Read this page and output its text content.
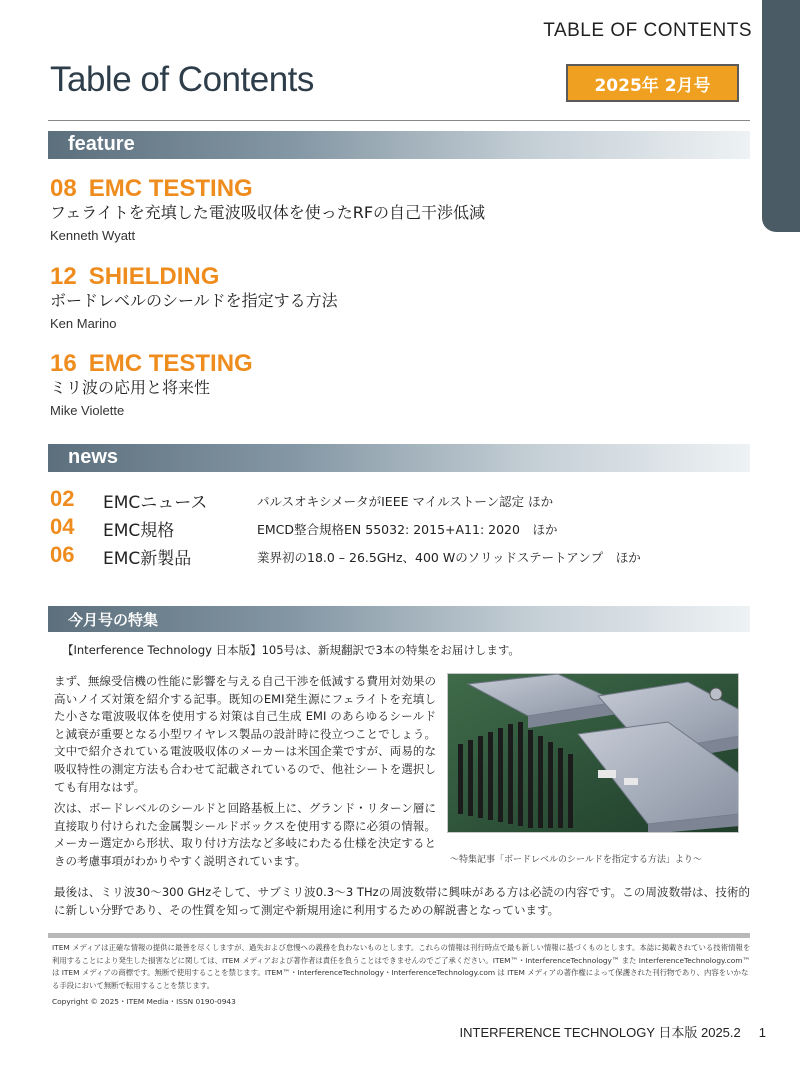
TABLE OF CONTENTS
Table of Contents	2025年 2月号
feature
08 EMC TESTING
フェライトを充填した電波吸収体を使ったRFの自己干渉低減
Kenneth Wyatt
12 SHIELDING
ボードレベルのシールドを指定する方法
Ken Marino
16 EMC TESTING
ミリ波の応用と将来性
Mike Violette
news
02 EMCニュース	パルスオキシメータがIEEE マイルストーン認定 ほか
04 EMC規格	EMCD整合規格EN 55032: 2015+A11: 2020　ほか
06 EMC新製品	業界初の18.0 – 26.5GHz、400 Wのソリッドステートアンプ　ほか
今月号の特集
【Interference Technology 日本版】105号は、新規翻訳で3本の特集をお届けします。
まず、無線受信機の性能に影響を与える自己干渉を低減する費用対効果の高いノイズ対策を紹介する記事。既知のEMI発生源にフェライトを充填した小さな電波吸収体を使用する対策は自己生成 EMI のあらゆるシールドと減衰が重要となる小型ワイヤレス製品の設計時に役立つことでしょう。文中で紹介されている電波吸収体のメーカーは米国企業ですが、両易的な吸収特性の測定方法も合わせて記載されているので、他社シートを選択しても有用なはず。
次は、ボードレベルのシールドと回路基板上に、グランド・リターン層に直接取り付けられた金属製シールドボックスを使用する際に必須の情報。メーカー選定から形状、取り付け方法など多岐にわたる仕様を決定するときの考慮事項がわかりやすく説明されています。	～特集記事「ボードレベルのシールドを指定する方法」より～
最後は、ミリ波30～300 GHzそして、サブミリ波0.3～3 THzの周波数帯に興味がある方は必読の内容です。この周波数帯は、技術的に新しい分野であり、その性質を知って測定や新規用途に利用するための解説書となっています。
ITEM メディアは正確な情報の提供に最善を尽くしますが、過失および怠慢への義務を負わないものとします。これらの情報は刊行時点で最も新しい情報に基づくものとします。本誌に掲載されている技術情報を利用することにより発生した損害などに関しては、ITEM メディアおよび著作者は責任を負うことはできませんのでご了承ください。ITEM™・InterferenceTechnology™ また InterferenceTechnology.com™ は ITEM メディアの商標です。無断で使用することを禁じます。ITEM™・InterferenceTechnology・InterferenceTechnology.com は ITEM メディアの著作権によって保護された刊行物であり、内容をいかなる手段において無断で転用することを禁じます。
Copyright © 2025・ITEM Media・ISSN 0190-0943
INTERFERENCE TECHNOLOGY 日本版 2025.2 1
